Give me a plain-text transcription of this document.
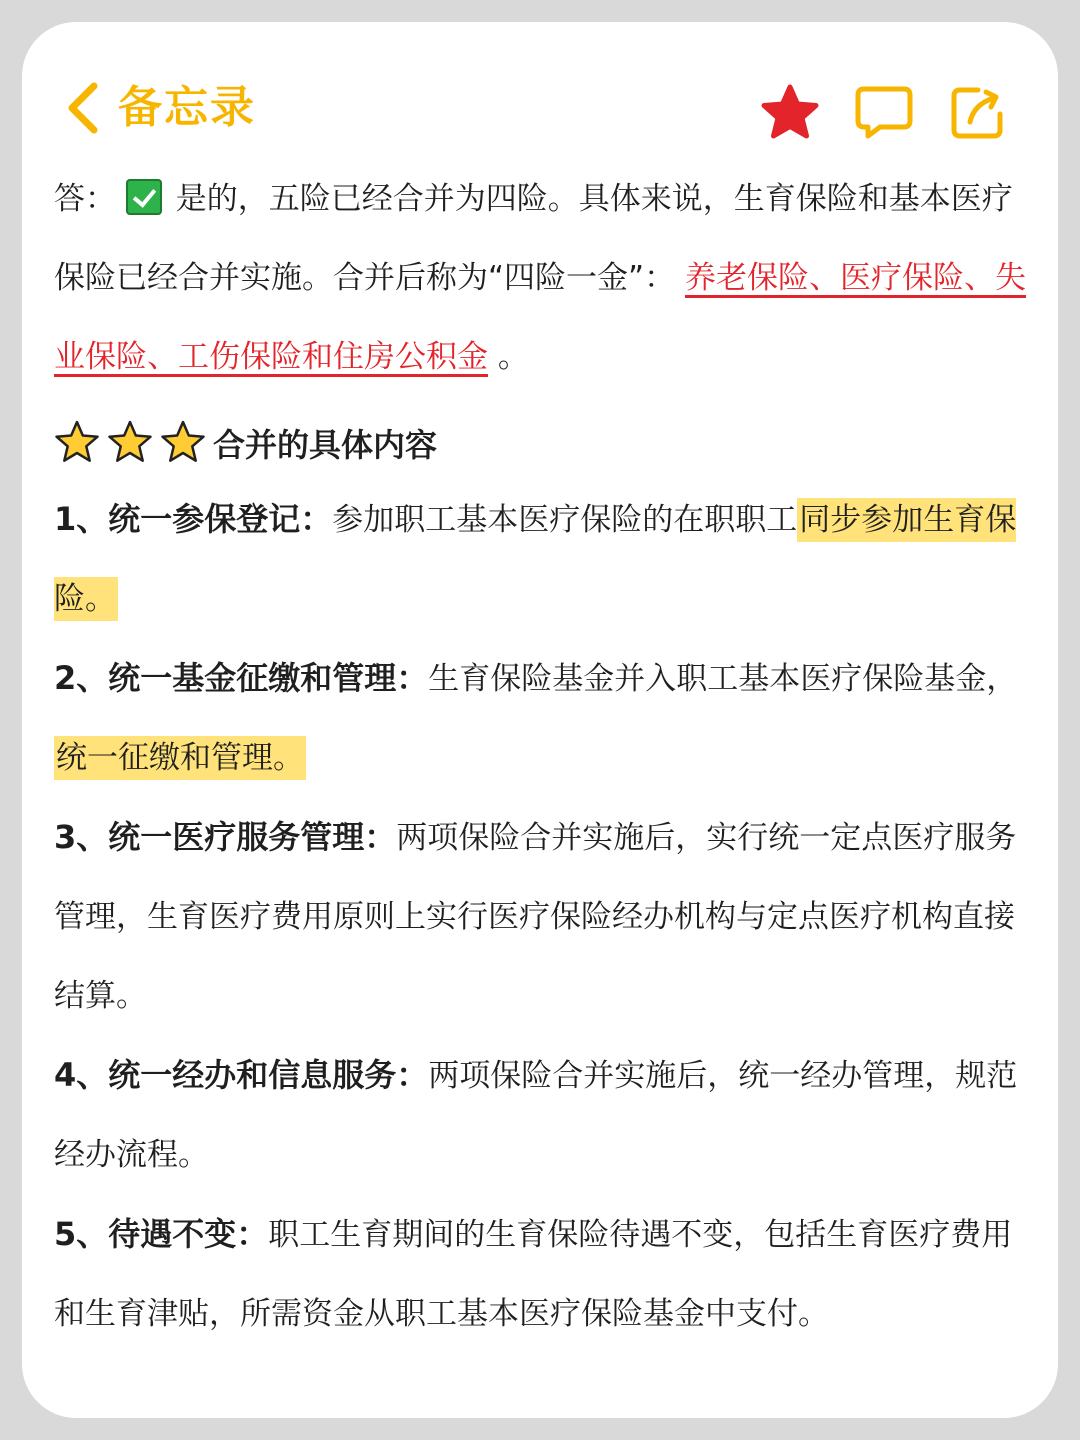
备忘录

答： 是的，五险已经合并为四险。具体来说，生育保险和基本医疗保险已经合并实施。合并后称为“四险一金”： 养老保险、医疗保险、失业保险、工伤保险和住房公积金 。

合并的具体内容

1、统一参保登记：参加职工基本医疗保险的在职职工同步参加生育保险。

2、统一基金征缴和管理：生育保险基金并入职工基本医疗保险基金，统一征缴和管理。

3、统一医疗服务管理：两项保险合并实施后，实行统一定点医疗服务管理，生育医疗费用原则上实行医疗保险经办机构与定点医疗机构直接结算。

4、统一经办和信息服务：两项保险合并实施后，统一经办管理，规范经办流程。

5、待遇不变：职工生育期间的生育保险待遇不变，包括生育医疗费用和生育津贴，所需资金从职工基本医疗保险基金中支付。
